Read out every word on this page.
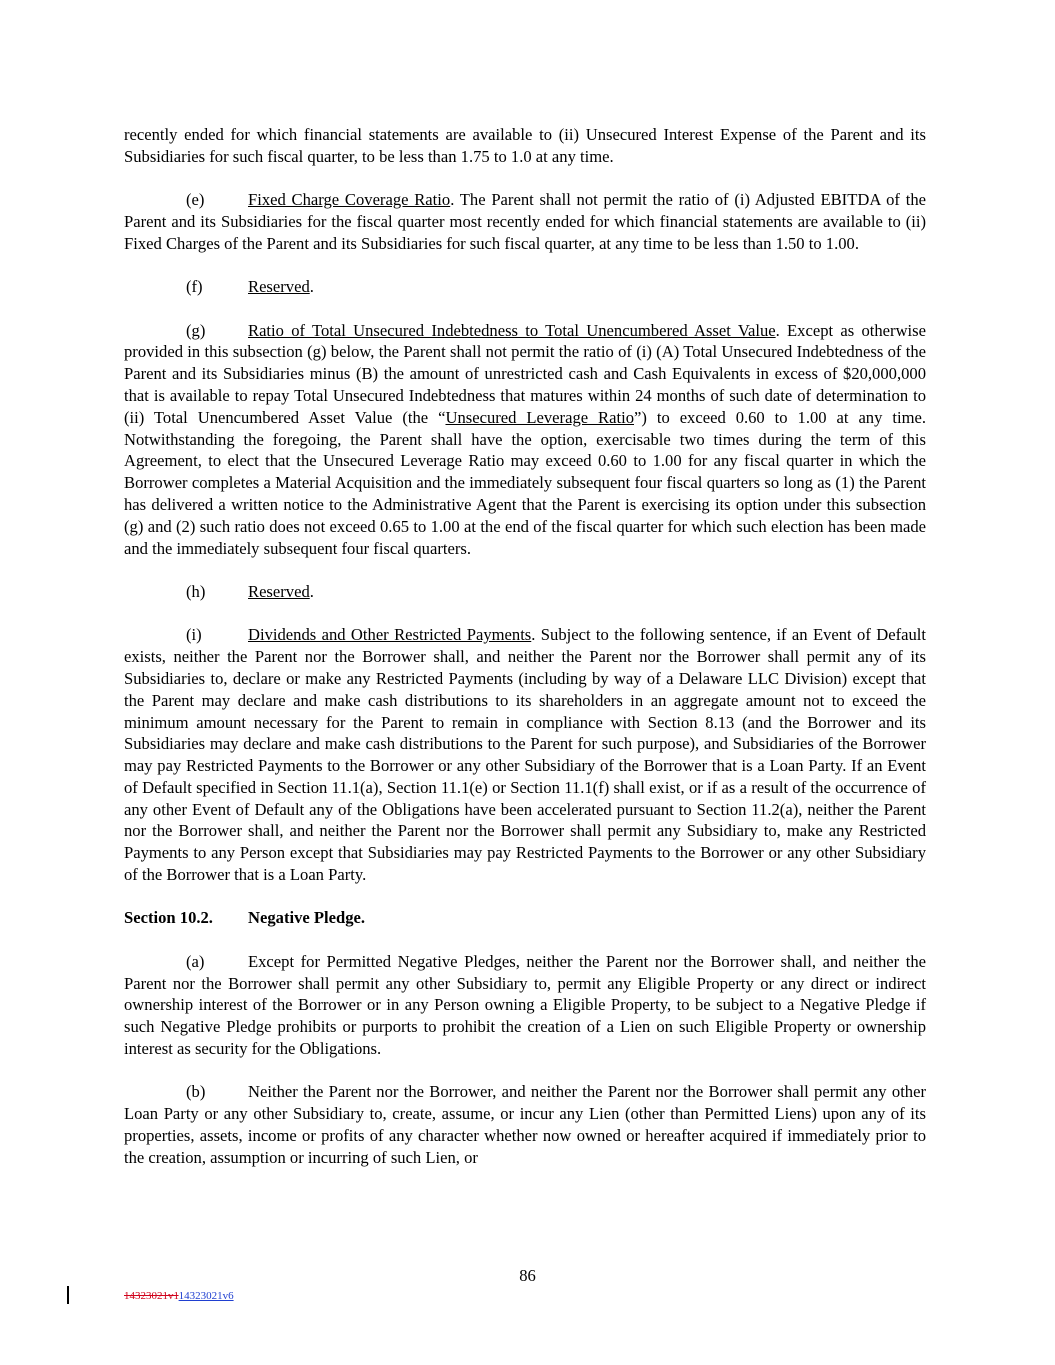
recently ended for which financial statements are available to (ii) Unsecured Interest Expense of the Parent and its Subsidiaries for such fiscal quarter, to be less than 1.75 to 1.0 at any time.

(e)	Fixed Charge Coverage Ratio. The Parent shall not permit the ratio of (i) Adjusted EBITDA of the Parent and its Subsidiaries for the fiscal quarter most recently ended for which financial statements are available to (ii) Fixed Charges of the Parent and its Subsidiaries for such fiscal quarter, at any time to be less than 1.50 to 1.00.

(f)	Reserved.

(g)	Ratio of Total Unsecured Indebtedness to Total Unencumbered Asset Value. Except as otherwise provided in this subsection (g) below, the Parent shall not permit the ratio of (i) (A) Total Unsecured Indebtedness of the Parent and its Subsidiaries minus (B) the amount of unrestricted cash and Cash Equivalents in excess of $20,000,000 that is available to repay Total Unsecured Indebtedness that matures within 24 months of such date of determination to (ii) Total Unencumbered Asset Value (the “Unsecured Leverage Ratio”) to exceed 0.60 to 1.00 at any time. Notwithstanding the foregoing, the Parent shall have the option, exercisable two times during the term of this Agreement, to elect that the Unsecured Leverage Ratio may exceed 0.60 to 1.00 for any fiscal quarter in which the Borrower completes a Material Acquisition and the immediately subsequent four fiscal quarters so long as (1) the Parent has delivered a written notice to the Administrative Agent that the Parent is exercising its option under this subsection (g) and (2) such ratio does not exceed 0.65 to 1.00 at the end of the fiscal quarter for which such election has been made and the immediately subsequent four fiscal quarters.

(h)	Reserved.

(i)	Dividends and Other Restricted Payments. Subject to the following sentence, if an Event of Default exists, neither the Parent nor the Borrower shall, and neither the Parent nor the Borrower shall permit any of its Subsidiaries to, declare or make any Restricted Payments (including by way of a Delaware LLC Division) except that the Parent may declare and make cash distributions to its shareholders in an aggregate amount not to exceed the minimum amount necessary for the Parent to remain in compliance with Section 8.13 (and the Borrower and its Subsidiaries may declare and make cash distributions to the Parent for such purpose), and Subsidiaries of the Borrower may pay Restricted Payments to the Borrower or any other Subsidiary of the Borrower that is a Loan Party. If an Event of Default specified in Section 11.1(a), Section 11.1(e) or Section 11.1(f) shall exist, or if as a result of the occurrence of any other Event of Default any of the Obligations have been accelerated pursuant to Section 11.2(a), neither the Parent nor the Borrower shall, and neither the Parent nor the Borrower shall permit any Subsidiary to, make any Restricted Payments to any Person except that Subsidiaries may pay Restricted Payments to the Borrower or any other Subsidiary of the Borrower that is a Loan Party.

Section 10.2. Negative Pledge.

(a)	Except for Permitted Negative Pledges, neither the Parent nor the Borrower shall, and neither the Parent nor the Borrower shall permit any other Subsidiary to, permit any Eligible Property or any direct or indirect ownership interest of the Borrower or in any Person owning a Eligible Property, to be subject to a Negative Pledge if such Negative Pledge prohibits or purports to prohibit the creation of a Lien on such Eligible Property or ownership interest as security for the Obligations.

(b)	Neither the Parent nor the Borrower, and neither the Parent nor the Borrower shall permit any other Loan Party or any other Subsidiary to, create, assume, or incur any Lien (other than Permitted Liens) upon any of its properties, assets, income or profits of any character whether now owned or hereafter acquired if immediately prior to the creation, assumption or incurring of such Lien, or

86
14323021v114323021v6
